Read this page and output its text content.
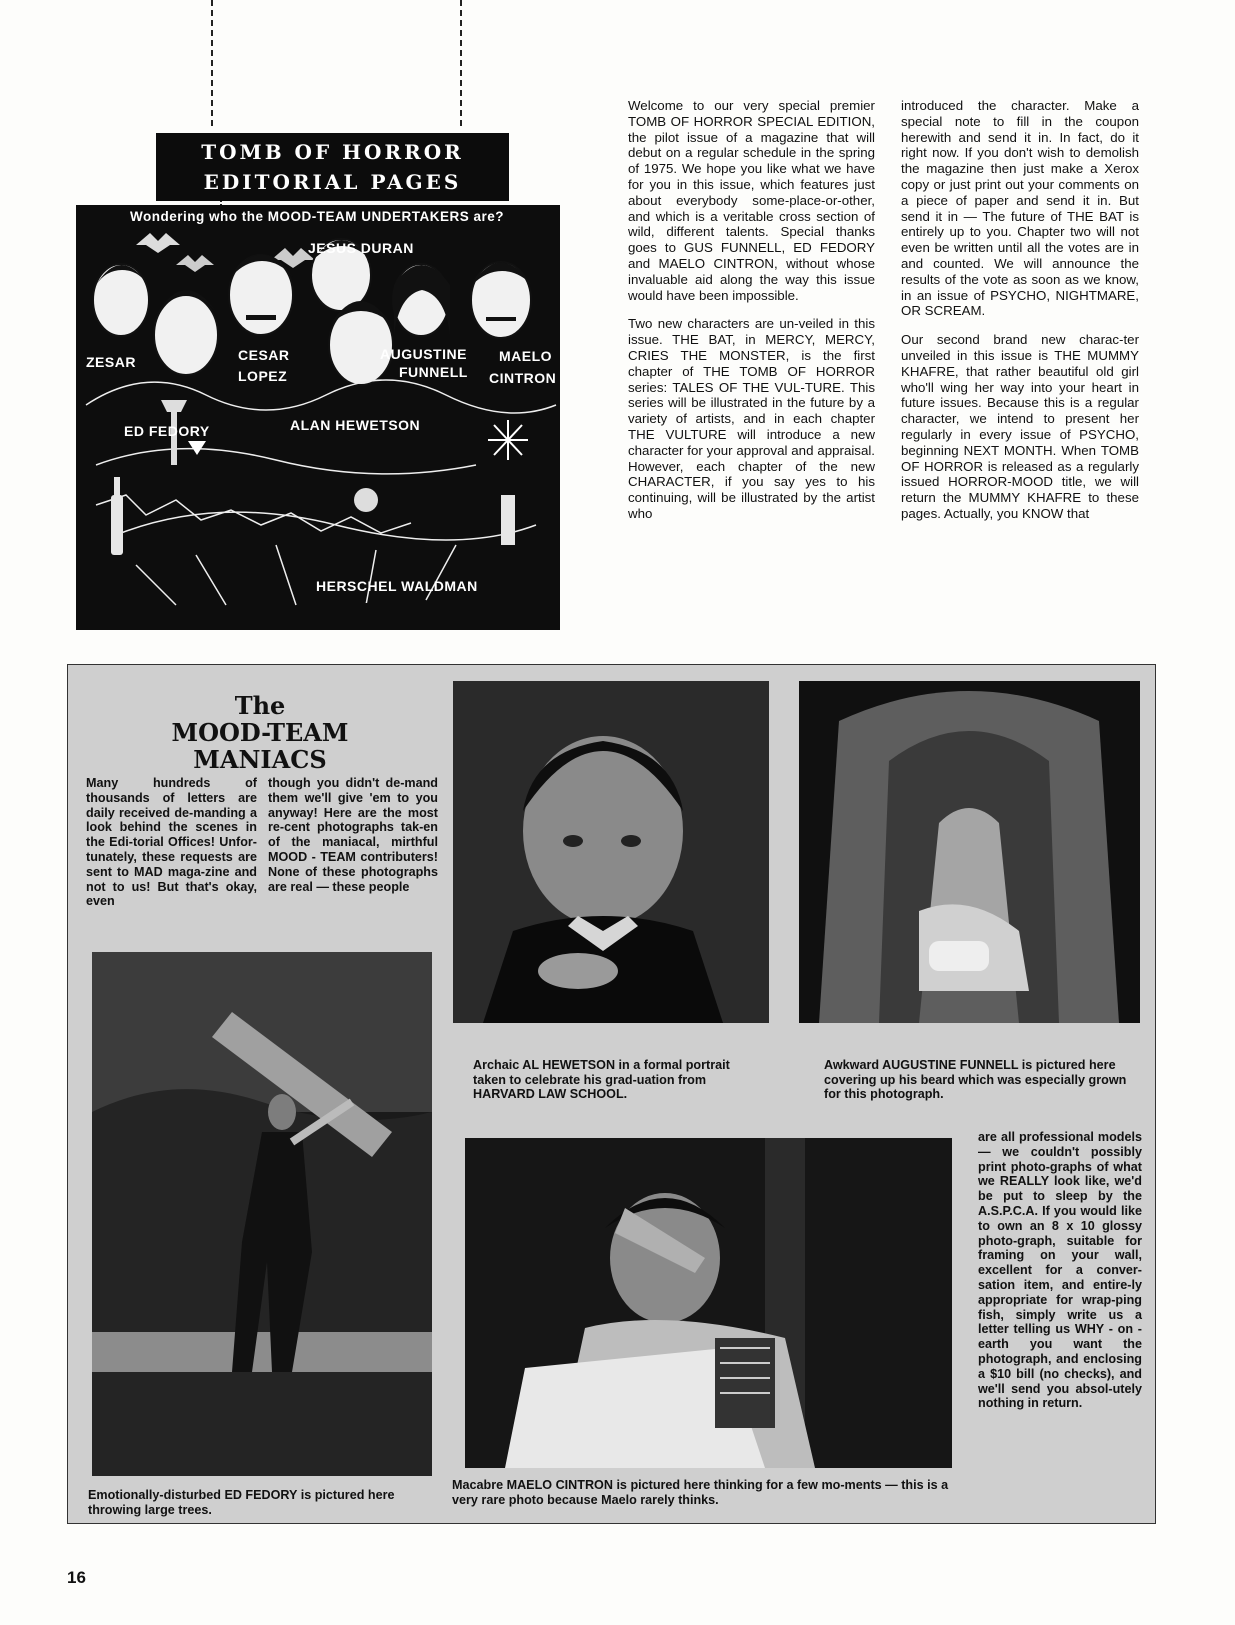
TOMB OF HORROR
EDITORIAL PAGES
Wondering who the MOOD-TEAM UNDERTAKERS are?
JESUS DURAN
ZESAR	CESAR
LOPEZ
AUGUSTINE
FUNNELL
MAELO
CINTRON
ED FEDORY	ALAN HEWETSON
HERSCHEL WALDMAN

Welcome to our very special premier TOMB OF HORROR SPECIAL EDITION, the pilot issue of a magazine that will debut on a regular schedule in the spring of 1975. We hope you like what we have for you in this issue, which features just about everybody some-place-or-other, and which is a veritable cross section of wild, different talents. Special thanks goes to GUS FUNNELL, ED FEDORY and MAELO CINTRON, without whose invaluable aid along the way this issue would have been impossible.

Two new characters are un-veiled in this issue. THE BAT, in MERCY, MERCY, CRIES THE MONSTER, is the first chapter of THE TOMB OF HORROR series: TALES OF THE VUL-TURE. This series will be illustrated in the future by a variety of artists, and in each chapter THE VULTURE will introduce a new character for your approval and appraisal. However, each chapter of the new CHARACTER, if you say yes to his continuing, will be illustrated by the artist who

introduced the character. Make a special note to fill in the coupon herewith and send it in. In fact, do it right now. If you don't wish to demolish the magazine then just make a Xerox copy or just print out your comments on a piece of paper and send it in. But send it in — The future of THE BAT is entirely up to you. Chapter two will not even be written until all the votes are in and counted. We will announce the results of the vote as soon as we know, in an issue of PSYCHO, NIGHTMARE, OR SCREAM.

Our second brand new charac-ter unveiled in this issue is THE MUMMY KHAFRE, that rather beautiful old girl who'll wing her way into your heart in future issues. Because this is a regular character, we intend to present her regularly in every issue of PSYCHO, beginning NEXT MONTH. When TOMB OF HORROR is released as a regularly issued HORROR-MOOD title, we will return the MUMMY KHAFRE to these pages. Actually, you KNOW that

The
MOOD-TEAM
MANIACS
Many hundreds of thousands of letters are daily received de-manding a look behind the scenes in the Edi-torial Offices! Unfor-tunately, these requests are sent to MAD maga-zine and not to us! But that's okay, even
though you didn't de-mand them we'll give 'em to you anyway! Here are the most re-cent photographs tak-en of the maniacal, mirthful MOOD - TEAM contributers! None of these photographs are real — these people
are all professional models — we couldn't possibly print photo-graphs of what we REALLY look like, we'd be put to sleep by the A.S.P.C.A. If you would like to own an 8 x 10 glossy photo-graph, suitable for framing on your wall, excellent for a conver-sation item, and entire-ly appropriate for wrap-ping fish, simply write us a letter telling us WHY - on - earth you want the photograph, and enclosing a $10 bill (no checks), and we'll send you absol-utely nothing in return.
Archaic AL HEWETSON in a formal portrait taken to celebrate his grad-uation from HARVARD LAW SCHOOL.
Awkward AUGUSTINE FUNNELL is pictured here covering up his beard which was especially grown for this photograph.
Emotionally-disturbed ED FEDORY is pictured here throwing large trees.
Macabre MAELO CINTRON is pictured here thinking for a few mo-ments — this is a very rare photo because Maelo rarely thinks.
16
